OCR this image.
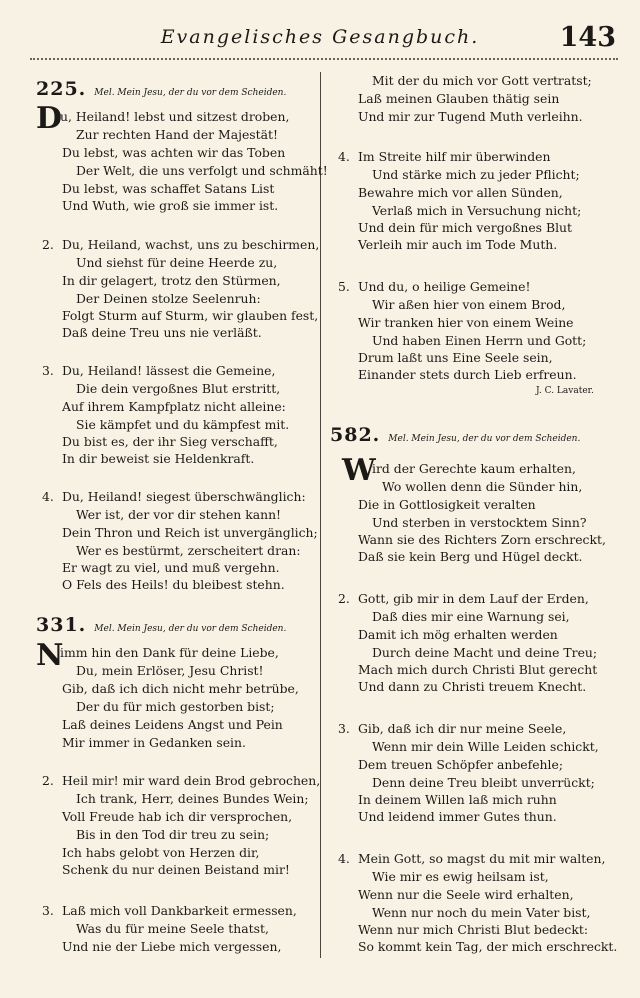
Evangelisches Gesangbuch.	143
225. Mel. Mein Jesu, der du vor dem Scheiden.
D
u, Heiland! lebst und sitzest droben,
Zur rechten Hand der Majestät!
Du lebst, was achten wir das Toben
Der Welt, die uns verfolgt und schmäht!
Du lebst, was schaffet Satans List
Und Wuth, wie groß sie immer ist.
2. Du, Heiland, wachst, uns zu beschirmen,
Und siehst für deine Heerde zu,
In dir gelagert, trotz den Stürmen,
Der Deinen stolze Seelenruh:
Folgt Sturm auf Sturm, wir glauben fest,
Daß deine Treu uns nie verläßt.
3. Du, Heiland! lässest die Gemeine,
Die dein vergoßnes Blut erstritt,
Auf ihrem Kampfplatz nicht alleine:
Sie kämpfet und du kämpfest mit.
Du bist es, der ihr Sieg verschafft,
In dir beweist sie Heldenkraft.
4. Du, Heiland! siegest überschwänglich:
Wer ist, der vor dir stehen kann!
Dein Thron und Reich ist unvergänglich;
Wer es bestürmt, zerscheitert dran:
Er wagt zu viel, und muß vergehn.
O Fels des Heils! du bleibest stehn.
331. Mel. Mein Jesu, der du vor dem Scheiden.
N
imm hin den Dank für deine Liebe,
Du, mein Erlöser, Jesu Christ!
Gib, daß ich dich nicht mehr betrübe,
Der du für mich gestorben bist;
Laß deines Leidens Angst und Pein
Mir immer in Gedanken sein.
2. Heil mir! mir ward dein Brod gebrochen,
Ich trank, Herr, deines Bundes Wein;
Voll Freude hab ich dir versprochen,
Bis in den Tod dir treu zu sein;
Ich habs gelobt von Herzen dir,
Schenk du nur deinen Beistand mir!
3. Laß mich voll Dankbarkeit ermessen,
Was du für meine Seele thatst,
Und nie der Liebe mich vergessen,
Mit der du mich vor Gott vertratst;
Laß meinen Glauben thätig sein
Und mir zur Tugend Muth verleihn.
4. Im Streite hilf mir überwinden
Und stärke mich zu jeder Pflicht;
Bewahre mich vor allen Sünden,
Verlaß mich in Versuchung nicht;
Und dein für mich vergoßnes Blut
Verleih mir auch im Tode Muth.
5. Und du, o heilige Gemeine!
Wir aßen hier von einem Brod,
Wir tranken hier von einem Weine
Und haben Einen Herrn und Gott;
Drum laßt uns Eine Seele sein,
Einander stets durch Lieb erfreun.
J. C. Lavater.
582. Mel. Mein Jesu, der du vor dem Scheiden.
W
ird der Gerechte kaum erhalten,
Wo wollen denn die Sünder hin,
Die in Gottlosigkeit veralten
Und sterben in verstocktem Sinn?
Wann sie des Richters Zorn erschreckt,
Daß sie kein Berg und Hügel deckt.
2. Gott, gib mir in dem Lauf der Erden,
Daß dies mir eine Warnung sei,
Damit ich mög erhalten werden
Durch deine Macht und deine Treu;
Mach mich durch Christi Blut gerecht
Und dann zu Christi treuem Knecht.
3. Gib, daß ich dir nur meine Seele,
Wenn mir dein Wille Leiden schickt,
Dem treuen Schöpfer anbefehle;
Denn deine Treu bleibt unverrückt;
In deinem Willen laß mich ruhn
Und leidend immer Gutes thun.
4. Mein Gott, so magst du mit mir walten,
Wie mir es ewig heilsam ist,
Wenn nur die Seele wird erhalten,
Wenn nur noch du mein Vater bist,
Wenn nur mich Christi Blut bedeckt:
So kommt kein Tag, der mich erschreckt.
